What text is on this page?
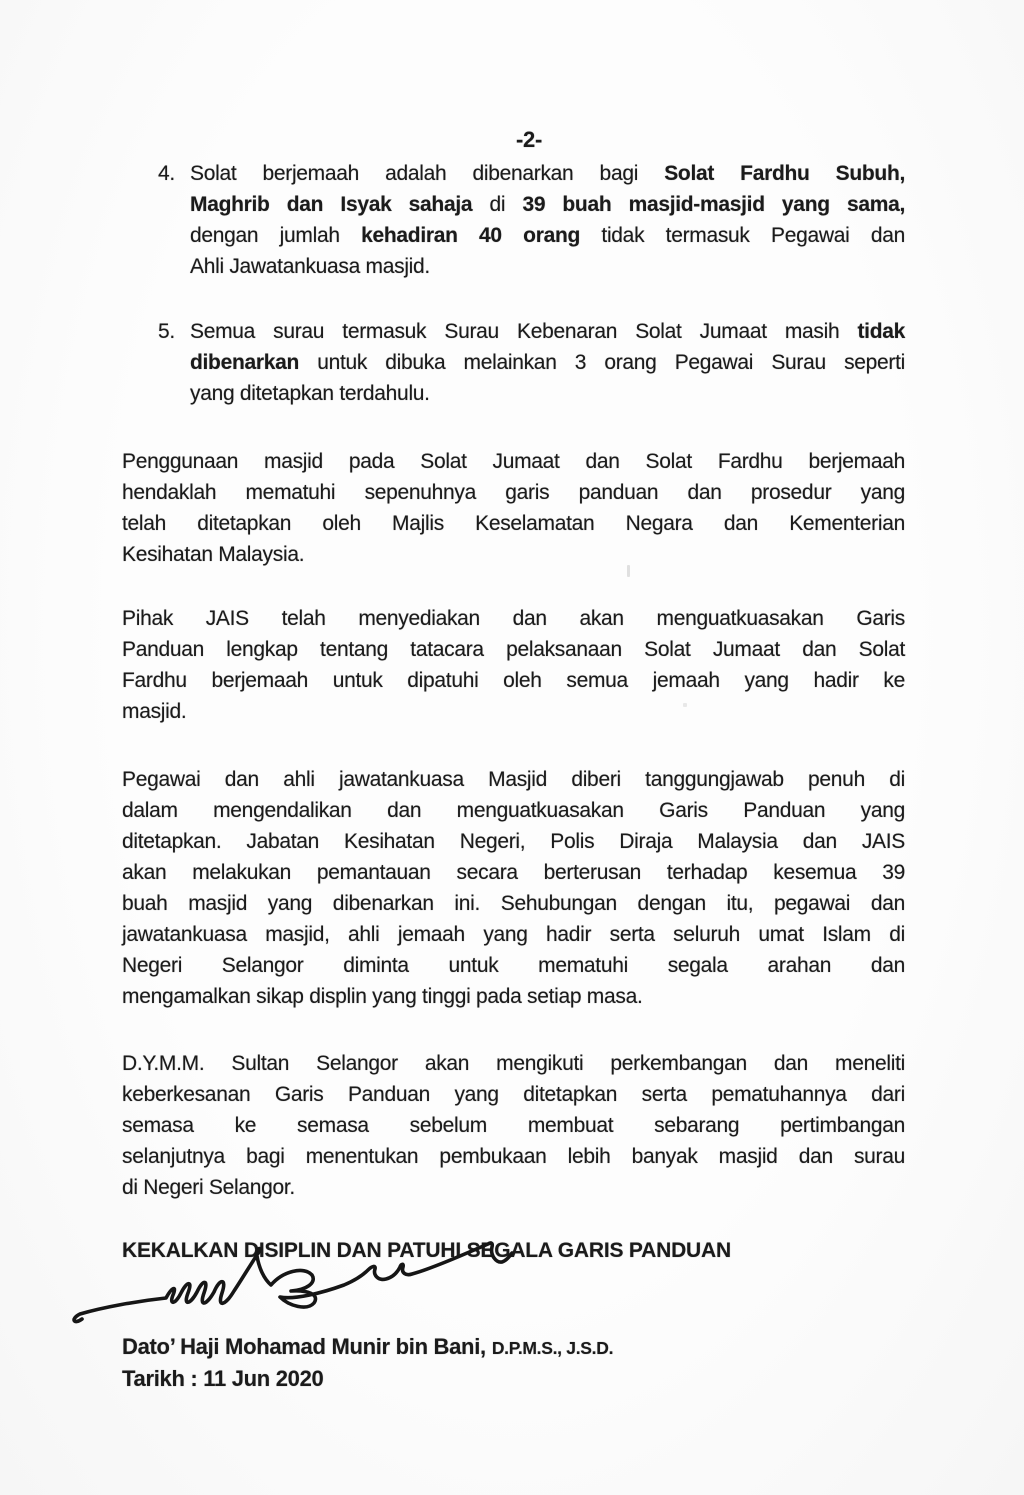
-2-
4. Solat berjemaah adalah dibenarkan bagi Solat Fardhu Subuh,
Maghrib dan Isyak sahaja di 39 buah masjid-masjid yang sama,
dengan jumlah kehadiran 40 orang tidak termasuk Pegawai dan
Ahli Jawatankuasa masjid.
5. Semua surau termasuk Surau Kebenaran Solat Jumaat masih tidak
dibenarkan untuk dibuka melainkan 3 orang Pegawai Surau seperti
yang ditetapkan terdahulu.
Penggunaan masjid pada Solat Jumaat dan Solat Fardhu berjemaah
hendaklah mematuhi sepenuhnya garis panduan dan prosedur yang
telah ditetapkan oleh Majlis Keselamatan Negara dan Kementerian
Kesihatan Malaysia.
Pihak JAIS telah menyediakan dan akan menguatkuasakan Garis
Panduan lengkap tentang tatacara pelaksanaan Solat Jumaat dan Solat
Fardhu berjemaah untuk dipatuhi oleh semua jemaah yang hadir ke
masjid.
Pegawai dan ahli jawatankuasa Masjid diberi tanggungjawab penuh di
dalam mengendalikan dan menguatkuasakan Garis Panduan yang
ditetapkan. Jabatan Kesihatan Negeri, Polis Diraja Malaysia dan JAIS
akan melakukan pemantauan secara berterusan terhadap kesemua 39
buah masjid yang dibenarkan ini. Sehubungan dengan itu, pegawai dan
jawatankuasa masjid, ahli jemaah yang hadir serta seluruh umat Islam di
Negeri Selangor diminta untuk mematuhi segala arahan dan
mengamalkan sikap displin yang tinggi pada setiap masa.
D.Y.M.M. Sultan Selangor akan mengikuti perkembangan dan meneliti
keberkesanan Garis Panduan yang ditetapkan serta pematuhannya dari
semasa ke semasa sebelum membuat sebarang pertimbangan
selanjutnya bagi menentukan pembukaan lebih banyak masjid dan surau
di Negeri Selangor.
KEKALKAN DISIPLIN DAN PATUHI SEGALA GARIS PANDUAN
Dato’ Haji Mohamad Munir bin Bani, D.P.M.S., J.S.D.
Tarikh : 11 Jun 2020
